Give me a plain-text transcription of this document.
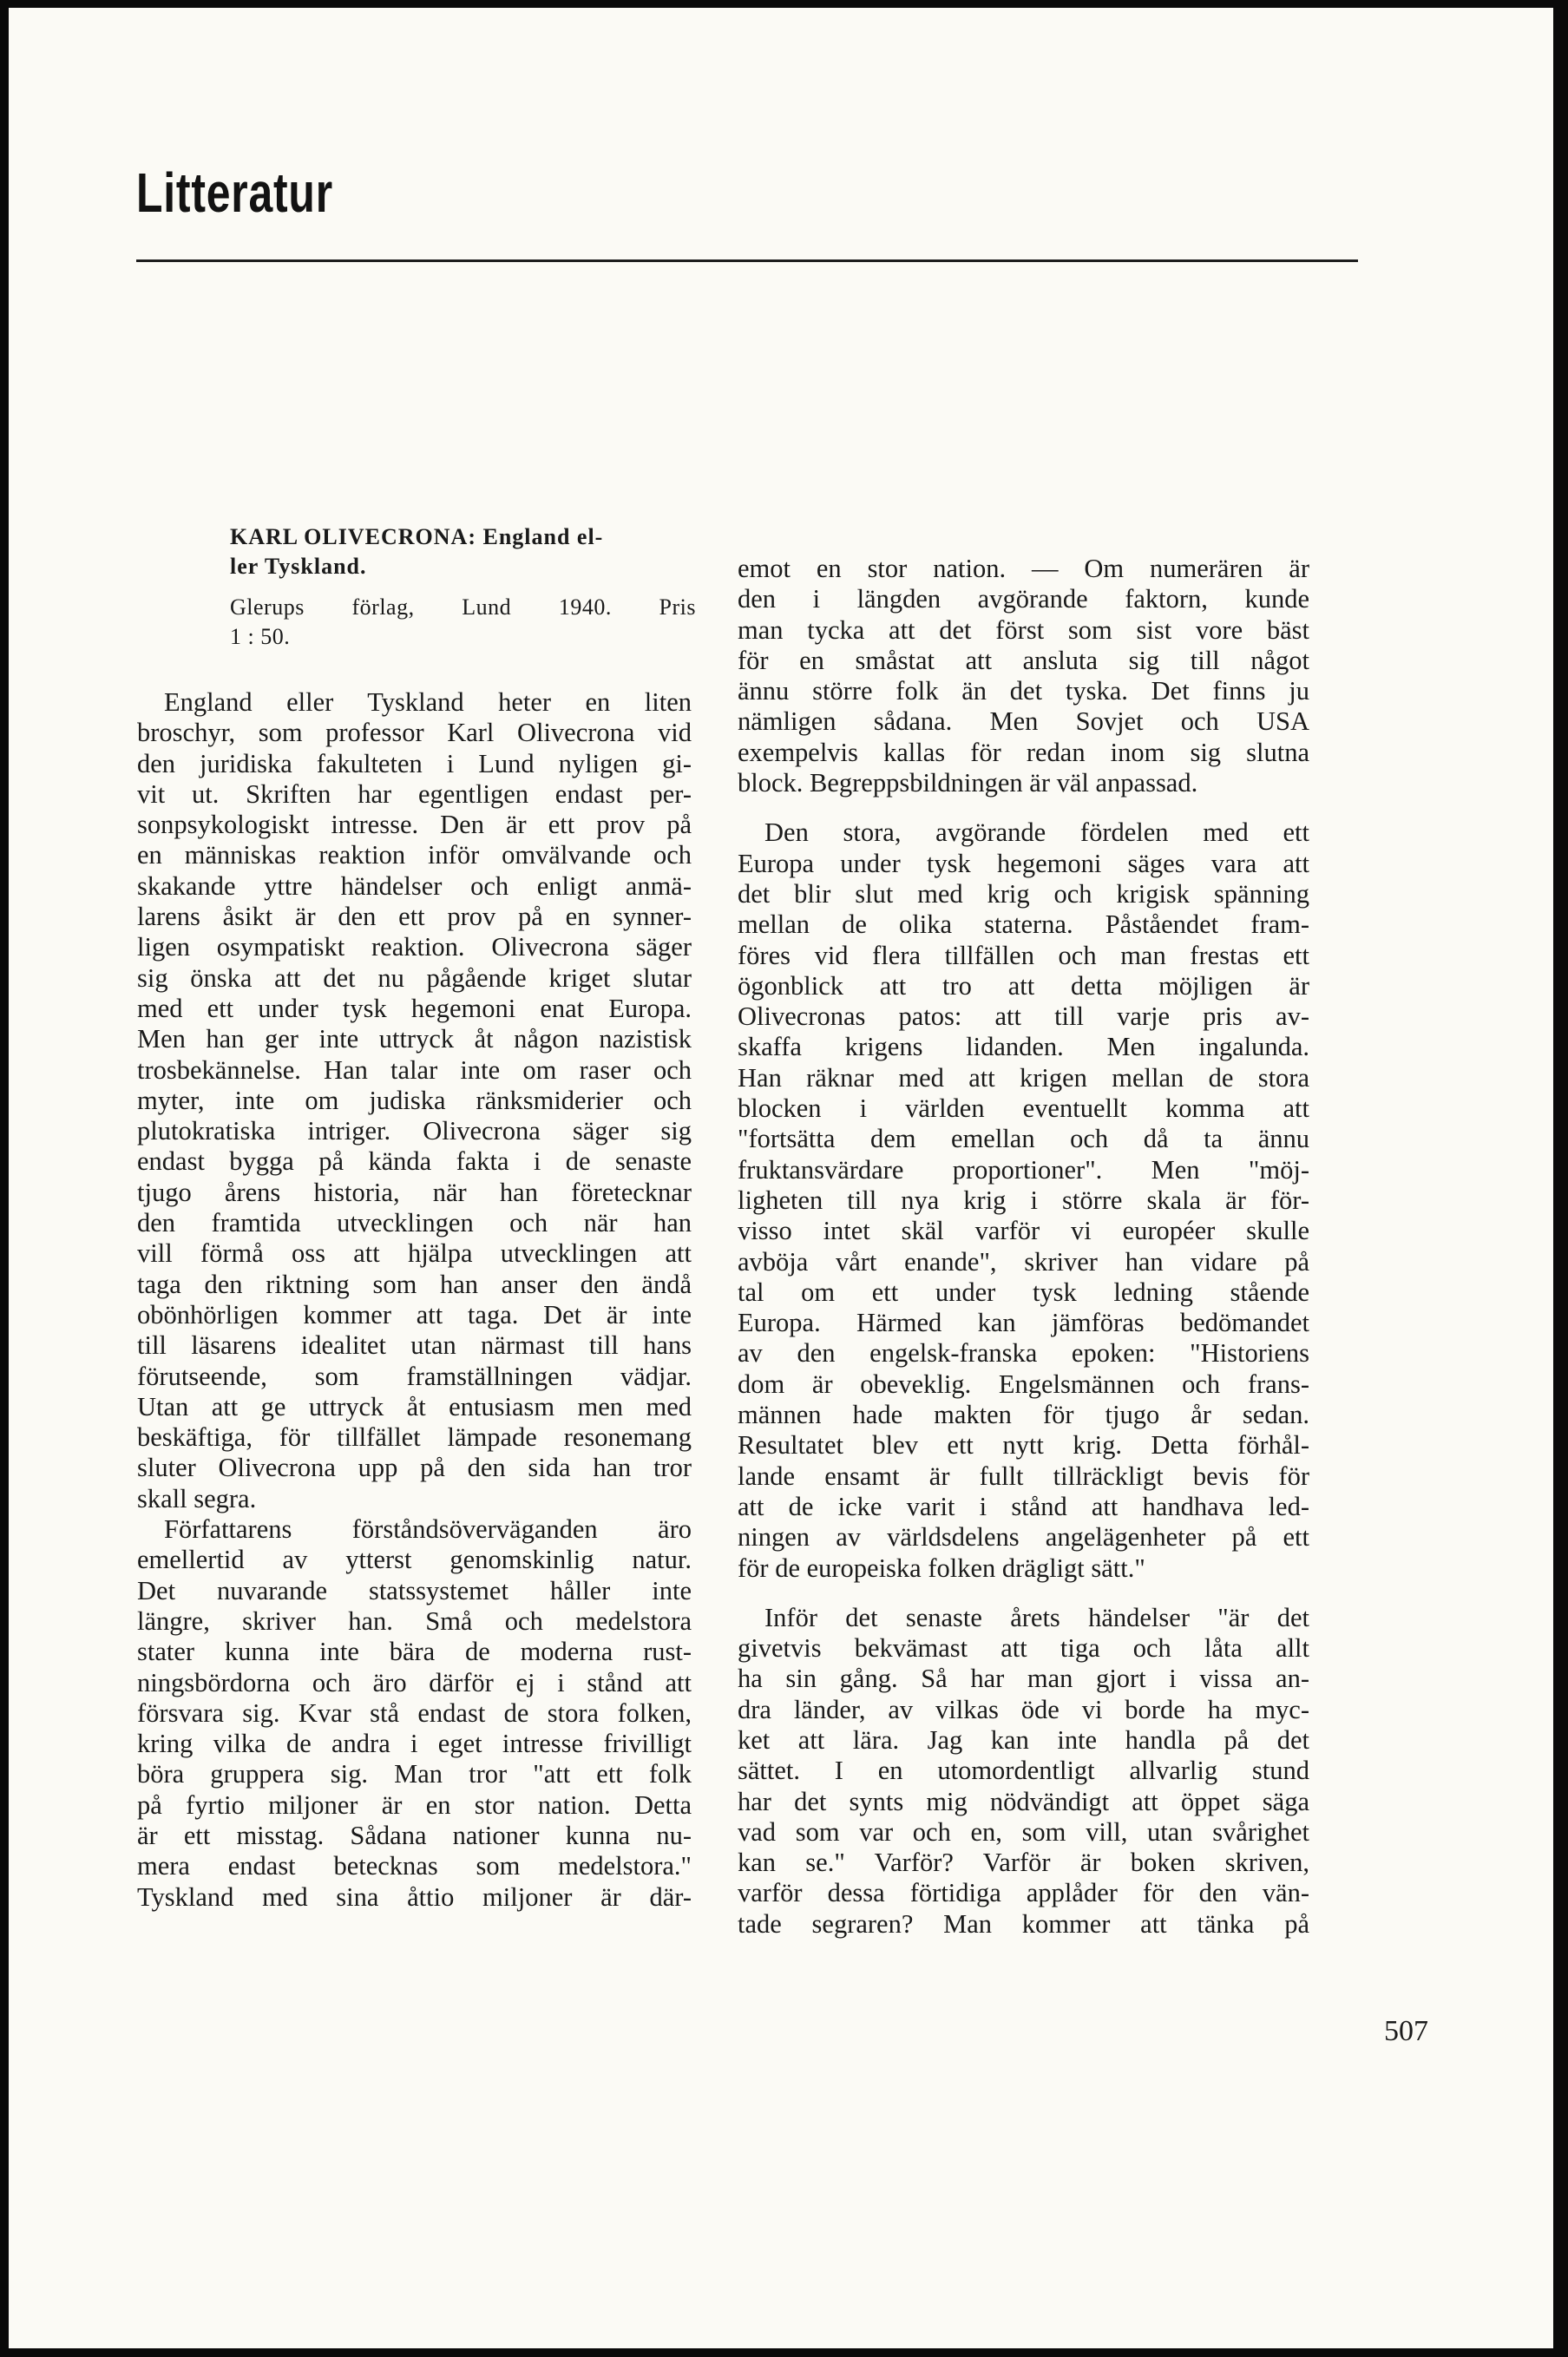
Litteratur
KARL OLIVECRONA: England el-
ler Tyskland.
Glerups förlag, Lund 1940. Pris
1 : 50.
England eller Tyskland heter en liten
broschyr, som professor Karl Olivecrona vid
den juridiska fakulteten i Lund nyligen gi-
vit ut. Skriften har egentligen endast per-
sonpsykologiskt intresse. Den är ett prov på
en människas reaktion inför omvälvande och
skakande yttre händelser och enligt anmä-
larens åsikt är den ett prov på en synner-
ligen osympatiskt reaktion. Olivecrona säger
sig önska att det nu pågående kriget slutar
med ett under tysk hegemoni enat Europa.
Men han ger inte uttryck åt någon nazistisk
trosbekännelse. Han talar inte om raser och
myter, inte om judiska ränksmiderier och
plutokratiska intriger. Olivecrona säger sig
endast bygga på kända fakta i de senaste
tjugo årens historia, när han företecknar
den framtida utvecklingen och när han
vill förmå oss att hjälpa utvecklingen att
taga den riktning som han anser den ändå
obönhörligen kommer att taga. Det är inte
till läsarens idealitet utan närmast till hans
förutseende, som framställningen vädjar.
Utan att ge uttryck åt entusiasm men med
beskäftiga, för tillfället lämpade resonemang
sluter Olivecrona upp på den sida han tror
skall segra.
Författarens förståndsöverväganden äro
emellertid av ytterst genomskinlig natur.
Det nuvarande statssystemet håller inte
längre, skriver han. Små och medelstora
stater kunna inte bära de moderna rust-
ningsbördorna och äro därför ej i stånd att
försvara sig. Kvar stå endast de stora folken,
kring vilka de andra i eget intresse frivilligt
böra gruppera sig. Man tror "att ett folk
på fyrtio miljoner är en stor nation. Detta
är ett misstag. Sådana nationer kunna nu-
mera endast betecknas som medelstora."
Tyskland med sina åttio miljoner är där-
emot en stor nation. — Om numerären är
den i längden avgörande faktorn, kunde
man tycka att det först som sist vore bäst
för en småstat att ansluta sig till något
ännu större folk än det tyska. Det finns ju
nämligen sådana. Men Sovjet och USA
exempelvis kallas för redan inom sig slutna
block. Begreppsbildningen är väl anpassad.
Den stora, avgörande fördelen med ett
Europa under tysk hegemoni säges vara att
det blir slut med krig och krigisk spänning
mellan de olika staterna. Påståendet fram-
föres vid flera tillfällen och man frestas ett
ögonblick att tro att detta möjligen är
Olivecronas patos: att till varje pris av-
skaffa krigens lidanden. Men ingalunda.
Han räknar med att krigen mellan de stora
blocken i världen eventuellt komma att
"fortsätta dem emellan och då ta ännu
fruktansvärdare proportioner". Men "möj-
ligheten till nya krig i större skala är för-
visso intet skäl varför vi européer skulle
avböja vårt enande", skriver han vidare på
tal om ett under tysk ledning stående
Europa. Härmed kan jämföras bedömandet
av den engelsk-franska epoken: "Historiens
dom är obeveklig. Engelsmännen och frans-
männen hade makten för tjugo år sedan.
Resultatet blev ett nytt krig. Detta förhål-
lande ensamt är fullt tillräckligt bevis för
att de icke varit i stånd att handhava led-
ningen av världsdelens angelägenheter på ett
för de europeiska folken drägligt sätt."
Inför det senaste årets händelser "är det
givetvis bekvämast att tiga och låta allt
ha sin gång. Så har man gjort i vissa an-
dra länder, av vilkas öde vi borde ha myc-
ket att lära. Jag kan inte handla på det
sättet. I en utomordentligt allvarlig stund
har det synts mig nödvändigt att öppet säga
vad som var och en, som vill, utan svårighet
kan se." Varför? Varför är boken skriven,
varför dessa förtidiga applåder för den vän-
tade segraren? Man kommer att tänka på
507
